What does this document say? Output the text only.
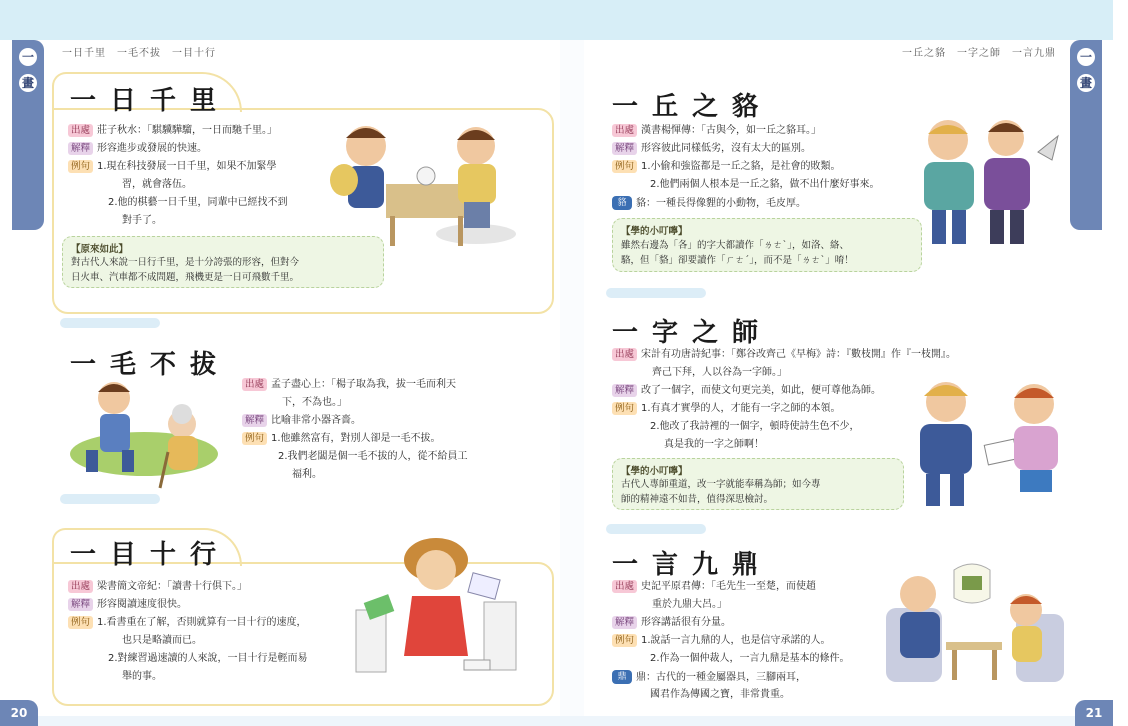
一日千里　一毛不拔　一目十行	一丘之貉　一字之師　一言九鼎
一
畫
一
畫
20	21
一日千里
出處 莊子秋水：「騏驥驊騮，一日而馳千里。」
解釋 形容進步或發展的快速。
例句 1.現在科技發展一日千里，如果不加緊學
習，就會落伍。
2.他的棋藝一日千里，同輩中已經找不到
對手了。
【原來如此】
對古代人來說一日行千里，是十分誇張的形容，但對今
日火車、汽車都不成問題，飛機更是一日可飛數千里。
一毛不拔
出處 孟子盡心上：「楊子取為我，拔一毛而利天
下，不為也。」
解釋 比喻非常小器吝嗇。
例句 1.他雖然富有，對別人卻是一毛不拔。
2.我們老闆是個一毛不拔的人，從不給員工
福利。
一目十行
出處 梁書簡文帝紀：「讀書十行俱下。」
解釋 形容閱讀速度很快。
例句 1.看書重在了解，否則就算有一目十行的速度，
也只是略讀而已。
2.對練習過速讀的人來說，一目十行是輕而易
舉的事。
一丘之貉
出處 漢書楊惲傳：「古與今，如一丘之貉耳。」
解釋 形容彼此同樣低劣，沒有太大的區別。
例句 1.小偷和強盜都是一丘之貉，是社會的敗類。
2.他們兩個人根本是一丘之貉，做不出什麼好事來。
貉 貉：一種長得像貍的小動物，毛皮厚。
【學的小叮嚀】
雖然右邊為「各」的字大都讀作「ㄌㄜˋ」，如洛、絡、
駱，但「貉」卻要讀作「ㄏㄜˊ」，而不是「ㄌㄜˋ」唷！
一字之師
出處 宋計有功唐詩紀事：「鄭谷改齊己《早梅》詩：『數枝開』作『一枝開』。
齊己下拜，人以谷為一字師。」
解釋 改了一個字，而使文句更完美，如此，便可尊他為師。
例句 1.有真才實學的人，才能有一字之師的本領。
2.他改了我詩裡的一個字，頓時使詩生色不少，
真是我的一字之師啊！
【學的小叮嚀】
古代人專師重道，改一字就能奉稱為師；如今專
師的精神遠不如昔，值得深思檢討。
一言九鼎
出處 史記平原君傳：「毛先生一至楚，而使趙
重於九鼎大呂。」
解釋 形容講話很有分量。
例句 1.說話一言九鼎的人，也是信守承諾的人。
2.作為一個仲裁人，一言九鼎是基本的條件。
鼎 鼎：古代的一種金屬器具，三腳兩耳，
國君作為傳國之寶，非常貴重。
